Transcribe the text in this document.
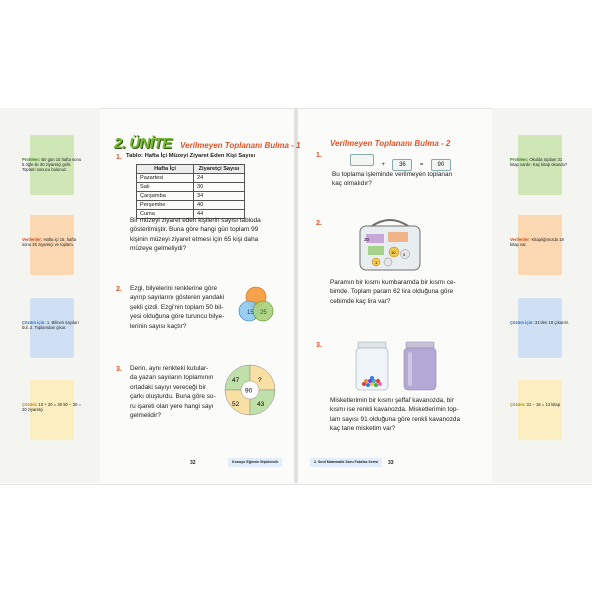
Problem: Bir gün 15 hafta sonu 5 öğle ile 30 ziyaretçi gelir. Toplam sonucu bulunuz.
Verilenler: Hafta içi 15, hafta sonu 25 ziyaretçi ve toplam.
Çözüm için: 1. Bilinen sayıları bul. 2. Toplamdan çıkar.
Çözüm: 10 + 20 = 30 50 − 30 = 20 ziyaretçi
Problem: Okulda toplam 31 kitap vardır. Kaç kitap okundu?
Verilenler: Kitaplığımızda 18 kitap var.
Çözüm için: 31'den 18 çıkarılır.
Çözüm: 31 − 18 = 13 kitap
2. ÜNİTE Verilmeyen Toplananı Bulma - 1
1. Tablo: Hafta İçi Müzeyi Ziyaret Eden Kişi Sayısı
Hafta İçi	Ziyaretçi Sayısı
Pazartesi	24
Salı	30
Çarşamba	34
Perşembe	40
Cuma	44
Bir müzeyi ziyaret eden kişilerin sayısı tabloda
gösterilmiştir. Buna göre hangi gün toplam 99
kişinin müzeyi ziyaret etmesi için 65 kişi daha
müzeye gelmeliydi?
2. Ezgi, bilyelerini renklerine göre
ayırıp sayılarını gösteren yandaki
şekli çizdi. Ezgi'nin toplam 50 bil-
yesi olduğuna göre turuncu bilye-
lerinin sayısı kaçtır?
15 25
3. Derin, aynı renkteki kutular-
da yazan sayıların toplamının
ortadaki sayıyı vereceği bir
çarkı oluşturdu. Buna göre so-
ru işareti olan yere hangi sayı
gelmelidir?
90
47	?
52	43
32	Konuyu Eğlenin İlişkilendir
Verilmeyen Toplananı Bulma - 2
1.
+ 36 = 90
Bu toplama işleminde verilmeyen toplanan
kaç olmalıdır?
2.
20
10 5
1
Paramın bir kısmı kumbaramda bir kısmı ce-
bimde. Toplam param 62 lira olduğuna göre
cebimde kaç lira var?
3.
Misketlerimin bir kısmı şeffaf kavanozda, bir
kısmı ise renkli kavanozda. Misketlerimin top-
lam sayısı 91 olduğuna göre renkli kavanozda
kaç tane misketim var?
2. Sınıf Matematik Soru Fabrika Serisi	33
